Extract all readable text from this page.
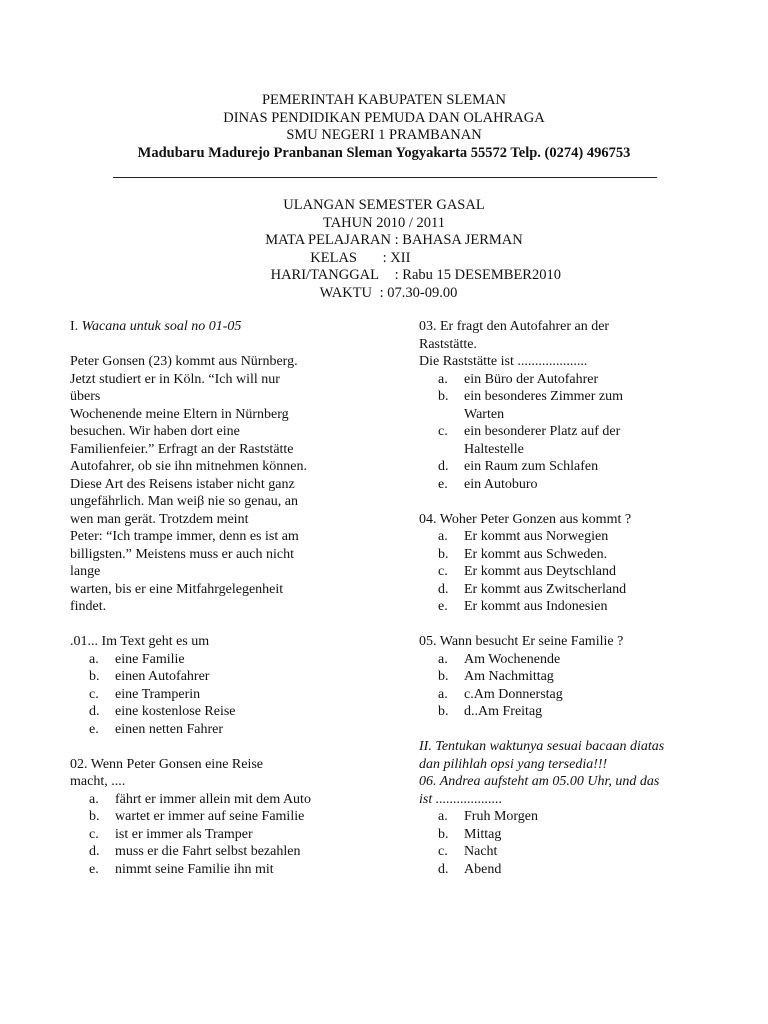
PEMERINTAH KABUPATEN SLEMAN
DINAS PENDIDIKAN PEMUDA DAN OLAHRAGA
SMU NEGERI 1 PRAMBANAN
Madubaru Madurejo Pranbanan Sleman Yogyakarta 55572 Telp. (0274) 496753
ULANGAN SEMESTER GASAL
TAHUN 2010 / 2011
MATA PELAJARAN : BAHASA JERMAN
KELAS : XII
HARI/TANGGAL : Rabu 15 DESEMBER2010
WAKTU : 07.30-09.00
I. Wacana untuk soal no 01-05
Peter Gonsen (23) kommt aus Nürnberg.
Jetzt studiert er in Köln. “Ich will nur
übers
Wochenende meine Eltern in Nürnberg
besuchen. Wir haben dort eine
Familienfeier.” Erfragt an der Raststätte
Autofahrer, ob sie ihn mitnehmen können.
Diese Art des Reisens istaber nicht ganz
ungefährlich. Man weiβ nie so genau, an
wen man gerät. Trotzdem meint
Peter: “Ich trampe immer, denn es ist am
billigsten.” Meistens muss er auch nicht
lange
warten, bis er eine Mitfahrgelegenheit
findet.
.01... Im Text geht es um
a.	eine Familie
b.	einen Autofahrer
c.	eine Tramperin
d.	eine kostenlose Reise
e.	einen netten Fahrer
02. Wenn Peter Gonsen eine Reise
macht, ....
a.	fährt er immer allein mit dem Auto
b.	wartet er immer auf seine Familie
c.	ist er immer als Tramper
d.	muss er die Fahrt selbst bezahlen
e.	nimmt seine Familie ihn mit
03. Er fragt den Autofahrer an der
Raststätte.
Die Raststätte ist ....................
a.	ein Büro der Autofahrer
b.	ein besonderes Zimmer zum
Warten
c.	ein besonderer Platz auf der
Haltestelle
d.	ein Raum zum Schlafen
e.	ein Autoburo
04. Woher Peter Gonzen aus kommt ?
a.	Er kommt aus Norwegien
b.	Er kommt aus Schweden.
c.	Er kommt aus Deytschland
d.	Er kommt aus Zwitscherland
e.	Er kommt aus Indonesien
05. Wann besucht Er seine Familie ?
a.	Am Wochenende
b.	Am Nachmittag
a.	c.Am Donnerstag
b.	d..Am Freitag
II. Tentukan waktunya sesuai bacaan diatas
dan pilihlah opsi yang tersedia!!!
06. Andrea aufsteht am 05.00 Uhr, und das
ist ...................
a.	Fruh Morgen
b.	Mittag
c.	Nacht
d.	Abend
